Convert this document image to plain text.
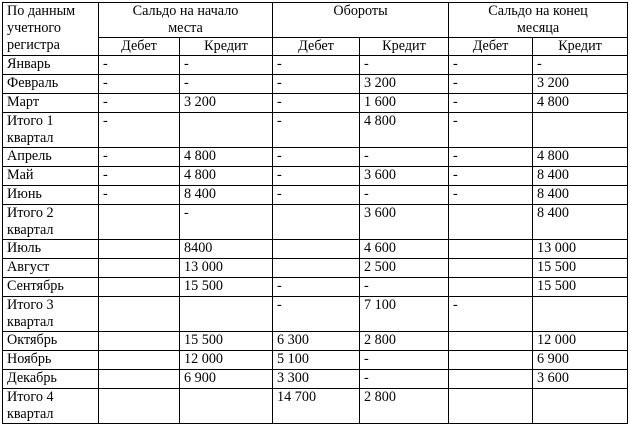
По данным
учетного
регистра	Сальдо на начало
места		Обороты		Сальдо на конец
месяца	
	Дебет	Кредит	Дебет	Кредит	Дебет	Кредит
Январь	-	-	-	-	-	-
Февраль	-	-	-	3 200	-	3 200
Март	-	3 200	-	1 600	-	4 800
Итого 1
квартал	-		-	4 800	-	
Апрель	-	4 800	-	-	-	4 800
Май	-	4 800	-	3 600	-	8 400
Июнь	-	8 400	-	-	-	8 400
Итого 2
квартал		-		3 600		8 400
Июль		8400		4 600		13 000
Август		13 000		2 500		15 500
Сентябрь		15 500	-	-		15 500
Итого 3
квартал			-	7 100	-	
Октябрь		15 500	6 300	2 800		12 000
Ноябрь		12 000	5 100	-		6 900
Декабрь		6 900	3 300	-		3 600
Итого 4
квартал			14 700	2 800		
